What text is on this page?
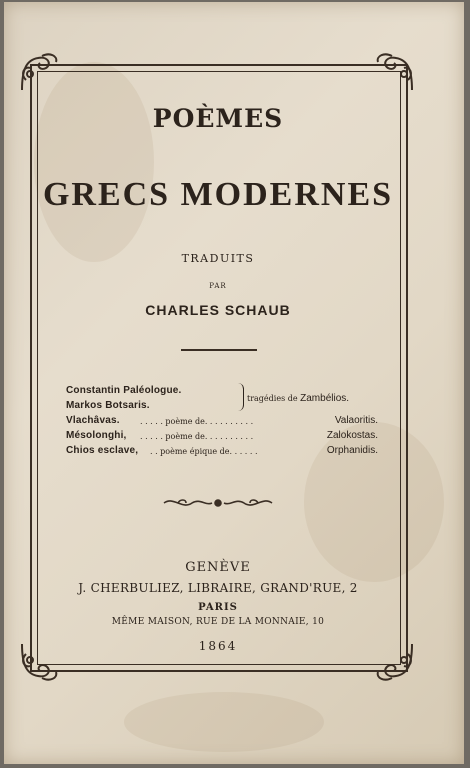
POÈMES
GRECS MODERNES
TRADUITS
PAR
CHARLES SCHAUB
Constantin Paléologue.
Markos Botsaris.
tragédies de Zambélios.
Vlachâvas.	. . . . . poème de. . . . . . . . . .	Valaoritis.
Mésolonghi, . . . . . poème de. . . . . . . . . .	Zalokostas.
Chios esclave, . . poème épique de. . . . . .	Orphanidis.
GENÈVE
J. CHERBULIEZ, LIBRAIRE, GRAND'RUE, 2
PARIS
MÊME MAISON, RUE DE LA MONNAIE, 10
1864
